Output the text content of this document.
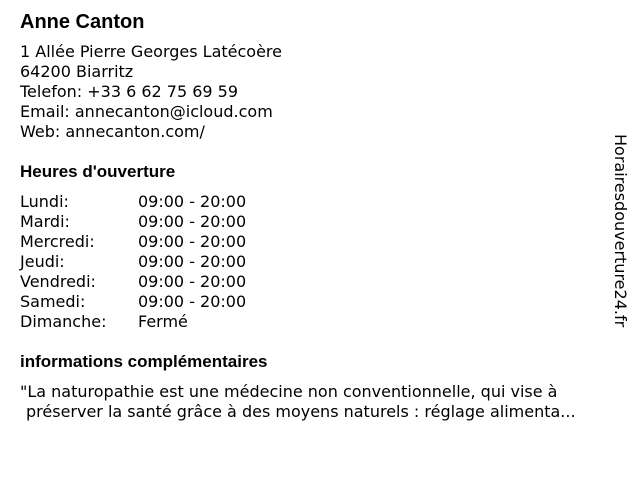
Anne Canton
1 Allée Pierre Georges Latécoère
64200 Biarritz
Telefon: +33 6 62 75 69 59
Email: annecanton@icloud.com
Web: annecanton.com/
Heures d'ouverture
Lundi:	09:00 - 20:00
Mardi:	09:00 - 20:00
Mercredi:	09:00 - 20:00
Jeudi:	09:00 - 20:00
Vendredi:	09:00 - 20:00
Samedi:	09:00 - 20:00
Dimanche:	Fermé
informations complémentaires
"La naturopathie est une médecine non conventionnelle, qui vise à
préserver la santé grâce à des moyens naturels : réglage alimenta...
Horairesdouverture24.fr
